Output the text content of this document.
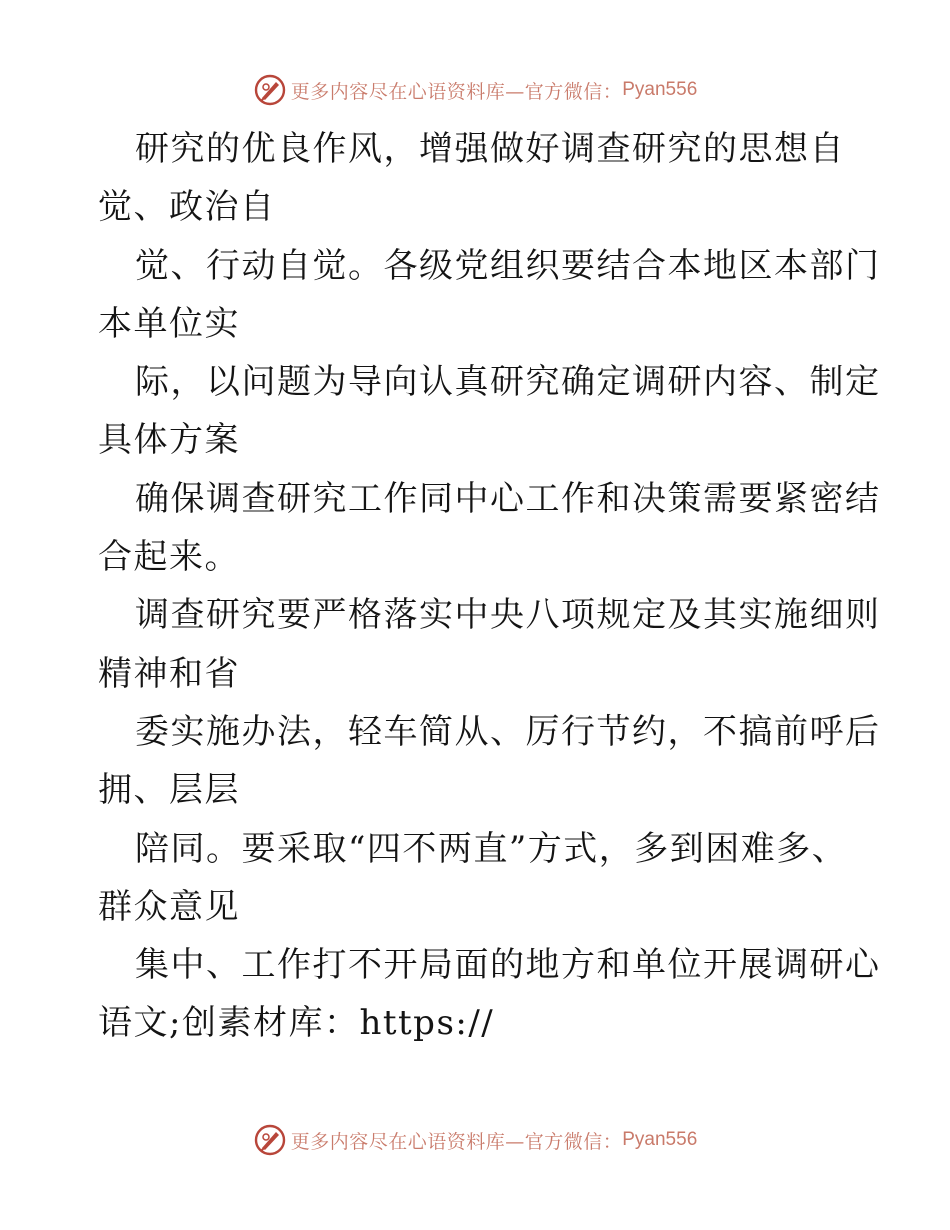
更多内容尽在心语资料库—官方微信： Pyan556
研究的优良作风，增强做好调查研究的思想自
觉、政治自
觉、行动自觉。各级党组织要结合本地区本部门
本单位实
际，以问题为导向认真研究确定调研内容、制定
具体方案
确保调查研究工作同中心工作和决策需要紧密结
合起来。
调查研究要严格落实中央八项规定及其实施细则
精神和省
委实施办法，轻车简从、厉行节约，不搞前呼后
拥、层层
陪同。要采取“四不两直”方式，多到困难多、
群众意见
集中、工作打不开局面的地方和单位开展调研心
语文;创素材库：https://
更多内容尽在心语资料库—官方微信： Pyan556
